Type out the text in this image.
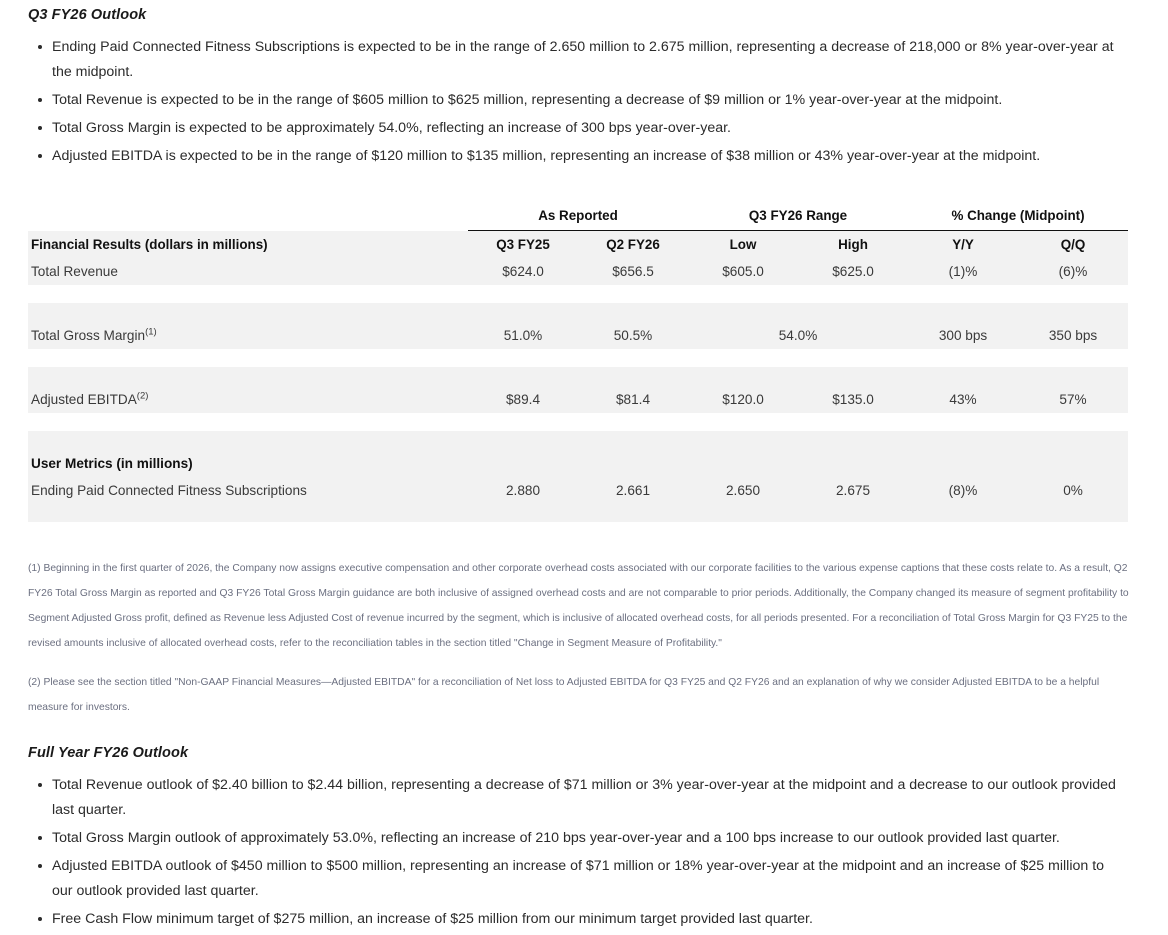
Q3 FY26 Outlook
Ending Paid Connected Fitness Subscriptions is expected to be in the range of 2.650 million to 2.675 million, representing a decrease of 218,000 or 8% year-over-year at the midpoint.
Total Revenue is expected to be in the range of $605 million to $625 million, representing a decrease of $9 million or 1% year-over-year at the midpoint.
Total Gross Margin is expected to be approximately 54.0%, reflecting an increase of 300 bps year-over-year.
Adjusted EBITDA is expected to be in the range of $120 million to $135 million, representing an increase of $38 million or 43% year-over-year at the midpoint.
	As Reported		Q3 FY26 Range		% Change (Midpoint)	
Financial Results (dollars in millions)	Q3 FY25	Q2 FY26	Low	High	Y/Y	Q/Q
Total Revenue	$624.0	$656.5	$605.0	$625.0	(1)%	(6)%

Total Gross Margin$^{(1)}$	51.0%	50.5%	54.0%		300 bps	350 bps

Adjusted EBITDA$^{(2)}$	$89.4	$81.4	$120.0	$135.0	43%	57%

User Metrics (in millions)						
Ending Paid Connected Fitness Subscriptions	2.880	2.661	2.650	2.675	(8)%	0%

(1) Beginning in the first quarter of 2026, the Company now assigns executive compensation and other corporate overhead costs associated with our corporate facilities to the various expense captions that these costs relate to. As a result, Q2 FY26 Total Gross Margin as reported and Q3 FY26 Total Gross Margin guidance are both inclusive of assigned overhead costs and are not comparable to prior periods. Additionally, the Company changed its measure of segment profitability to Segment Adjusted Gross profit, defined as Revenue less Adjusted Cost of revenue incurred by the segment, which is inclusive of allocated overhead costs, for all periods presented. For a reconciliation of Total Gross Margin for Q3 FY25 to the revised amounts inclusive of allocated overhead costs, refer to the reconciliation tables in the section titled "Change in Segment Measure of Profitability."

(2) Please see the section titled "Non-GAAP Financial Measures—Adjusted EBITDA" for a reconciliation of Net loss to Adjusted EBITDA for Q3 FY25 and Q2 FY26 and an explanation of why we consider Adjusted EBITDA to be a helpful measure for investors.

Full Year FY26 Outlook
Total Revenue outlook of $2.40 billion to $2.44 billion, representing a decrease of $71 million or 3% year-over-year at the midpoint and a decrease to our outlook provided last quarter.
Total Gross Margin outlook of approximately 53.0%, reflecting an increase of 210 bps year-over-year and a 100 bps increase to our outlook provided last quarter.
Adjusted EBITDA outlook of $450 million to $500 million, representing an increase of $71 million or 18% year-over-year at the midpoint and an increase of $25 million to our outlook provided last quarter.
Free Cash Flow minimum target of $275 million, an increase of $25 million from our minimum target provided last quarter.
